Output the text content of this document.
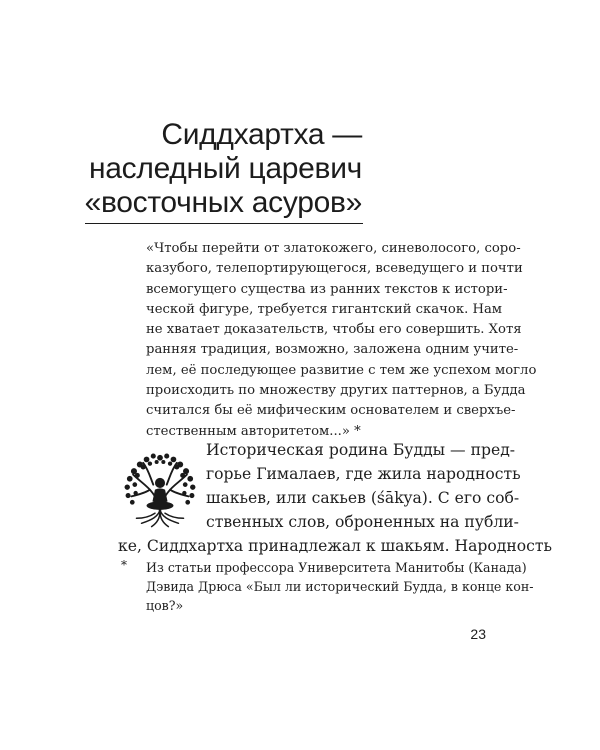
Сиддхартха —
наследный царевич
«восточных асуров»

«Чтобы перейти от златокожего, синеволосого, соро-
казубого, телепортирующегося, всеведущего и почти
всемогущего существа из ранних текстов к истори-
ческой фигуре, требуется гигантский скачок. Нам
не хватает доказательств, чтобы его совершить. Хотя
ранняя традиция, возможно, заложена одним учите-
лем, её последующее развитие с тем же успехом могло
происходить по множеству других паттернов, а Будда
считался бы её мифическим основателем и сверхъе-
стественным авторитетом...» *

Историческая родина Будды — пред-
горье Гималаев, где жила народность
шакьев, или сакьев (śākya). С его соб-
ственных слов, оброненных на публи-
ке, Сиддхартха принадлежал к шакьям. Народность

* Из статьи профессора Университета Манитобы (Канада)
Дэвида Дрюса «Был ли исторический Будда, в конце кон-
цов?»

23
